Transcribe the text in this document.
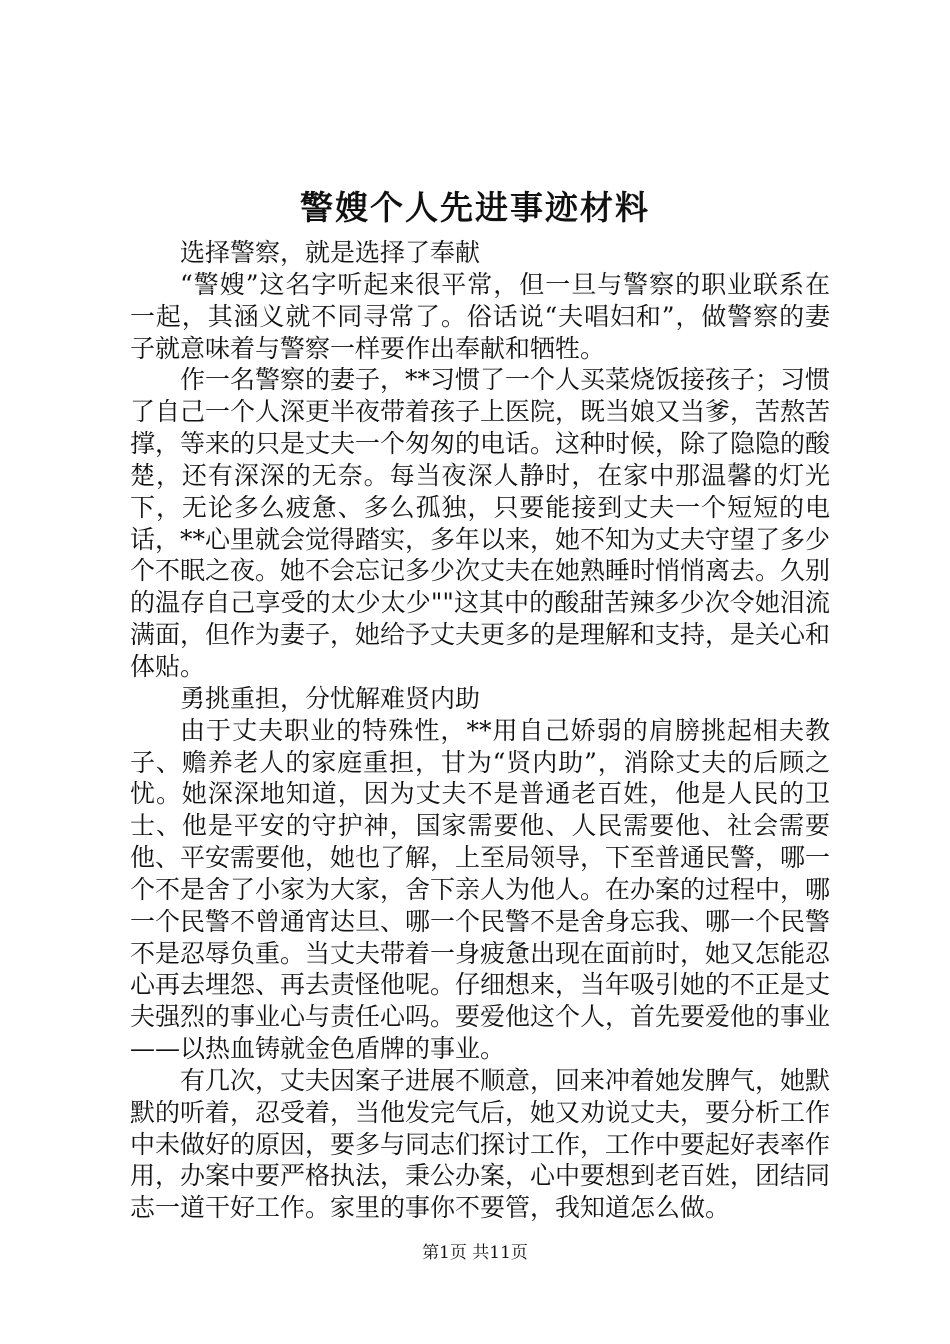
警嫂个人先进事迹材料

选择警察，就是选择了奉献

“警嫂”这名字听起来很平常，但一旦与警察的职业联系在一起，其涵义就不同寻常了。俗话说“夫唱妇和”，做警察的妻子就意味着与警察一样要作出奉献和牺牲。

作一名警察的妻子，**习惯了一个人买菜烧饭接孩子；习惯了自己一个人深更半夜带着孩子上医院，既当娘又当爹，苦熬苦撑，等来的只是丈夫一个匆匆的电话。这种时候，除了隐隐的酸楚，还有深深的无奈。每当夜深人静时，在家中那温馨的灯光下，无论多么疲惫、多么孤独，只要能接到丈夫一个短短的电话，**心里就会觉得踏实，多年以来，她不知为丈夫守望了多少个不眠之夜。她不会忘记多少次丈夫在她熟睡时悄悄离去。久别的温存自己享受的太少太少""这其中的酸甜苦辣多少次令她泪流满面，但作为妻子，她给予丈夫更多的是理解和支持，是关心和体贴。

勇挑重担，分忧解难贤内助

由于丈夫职业的特殊性，**用自己娇弱的肩膀挑起相夫教子、赡养老人的家庭重担，甘为“贤内助”，消除丈夫的后顾之忧。她深深地知道，因为丈夫不是普通老百姓，他是人民的卫士、他是平安的守护神，国家需要他、人民需要他、社会需要他、平安需要他，她也了解，上至局领导，下至普通民警，哪一个不是舍了小家为大家，舍下亲人为他人。在办案的过程中，哪一个民警不曾通宵达旦、哪一个民警不是舍身忘我、哪一个民警不是忍辱负重。当丈夫带着一身疲惫出现在面前时，她又怎能忍心再去埋怨、再去责怪他呢。仔细想来，当年吸引她的不正是丈夫强烈的事业心与责任心吗。要爱他这个人，首先要爱他的事业——以热血铸就金色盾牌的事业。

有几次，丈夫因案子进展不顺意，回来冲着她发脾气，她默默的听着，忍受着，当他发完气后，她又劝说丈夫，要分析工作中未做好的原因，要多与同志们探讨工作，工作中要起好表率作用，办案中要严格执法，秉公办案，心中要想到老百姓，团结同志一道干好工作。家里的事你不要管，我知道怎么做。

第1页 共11页
